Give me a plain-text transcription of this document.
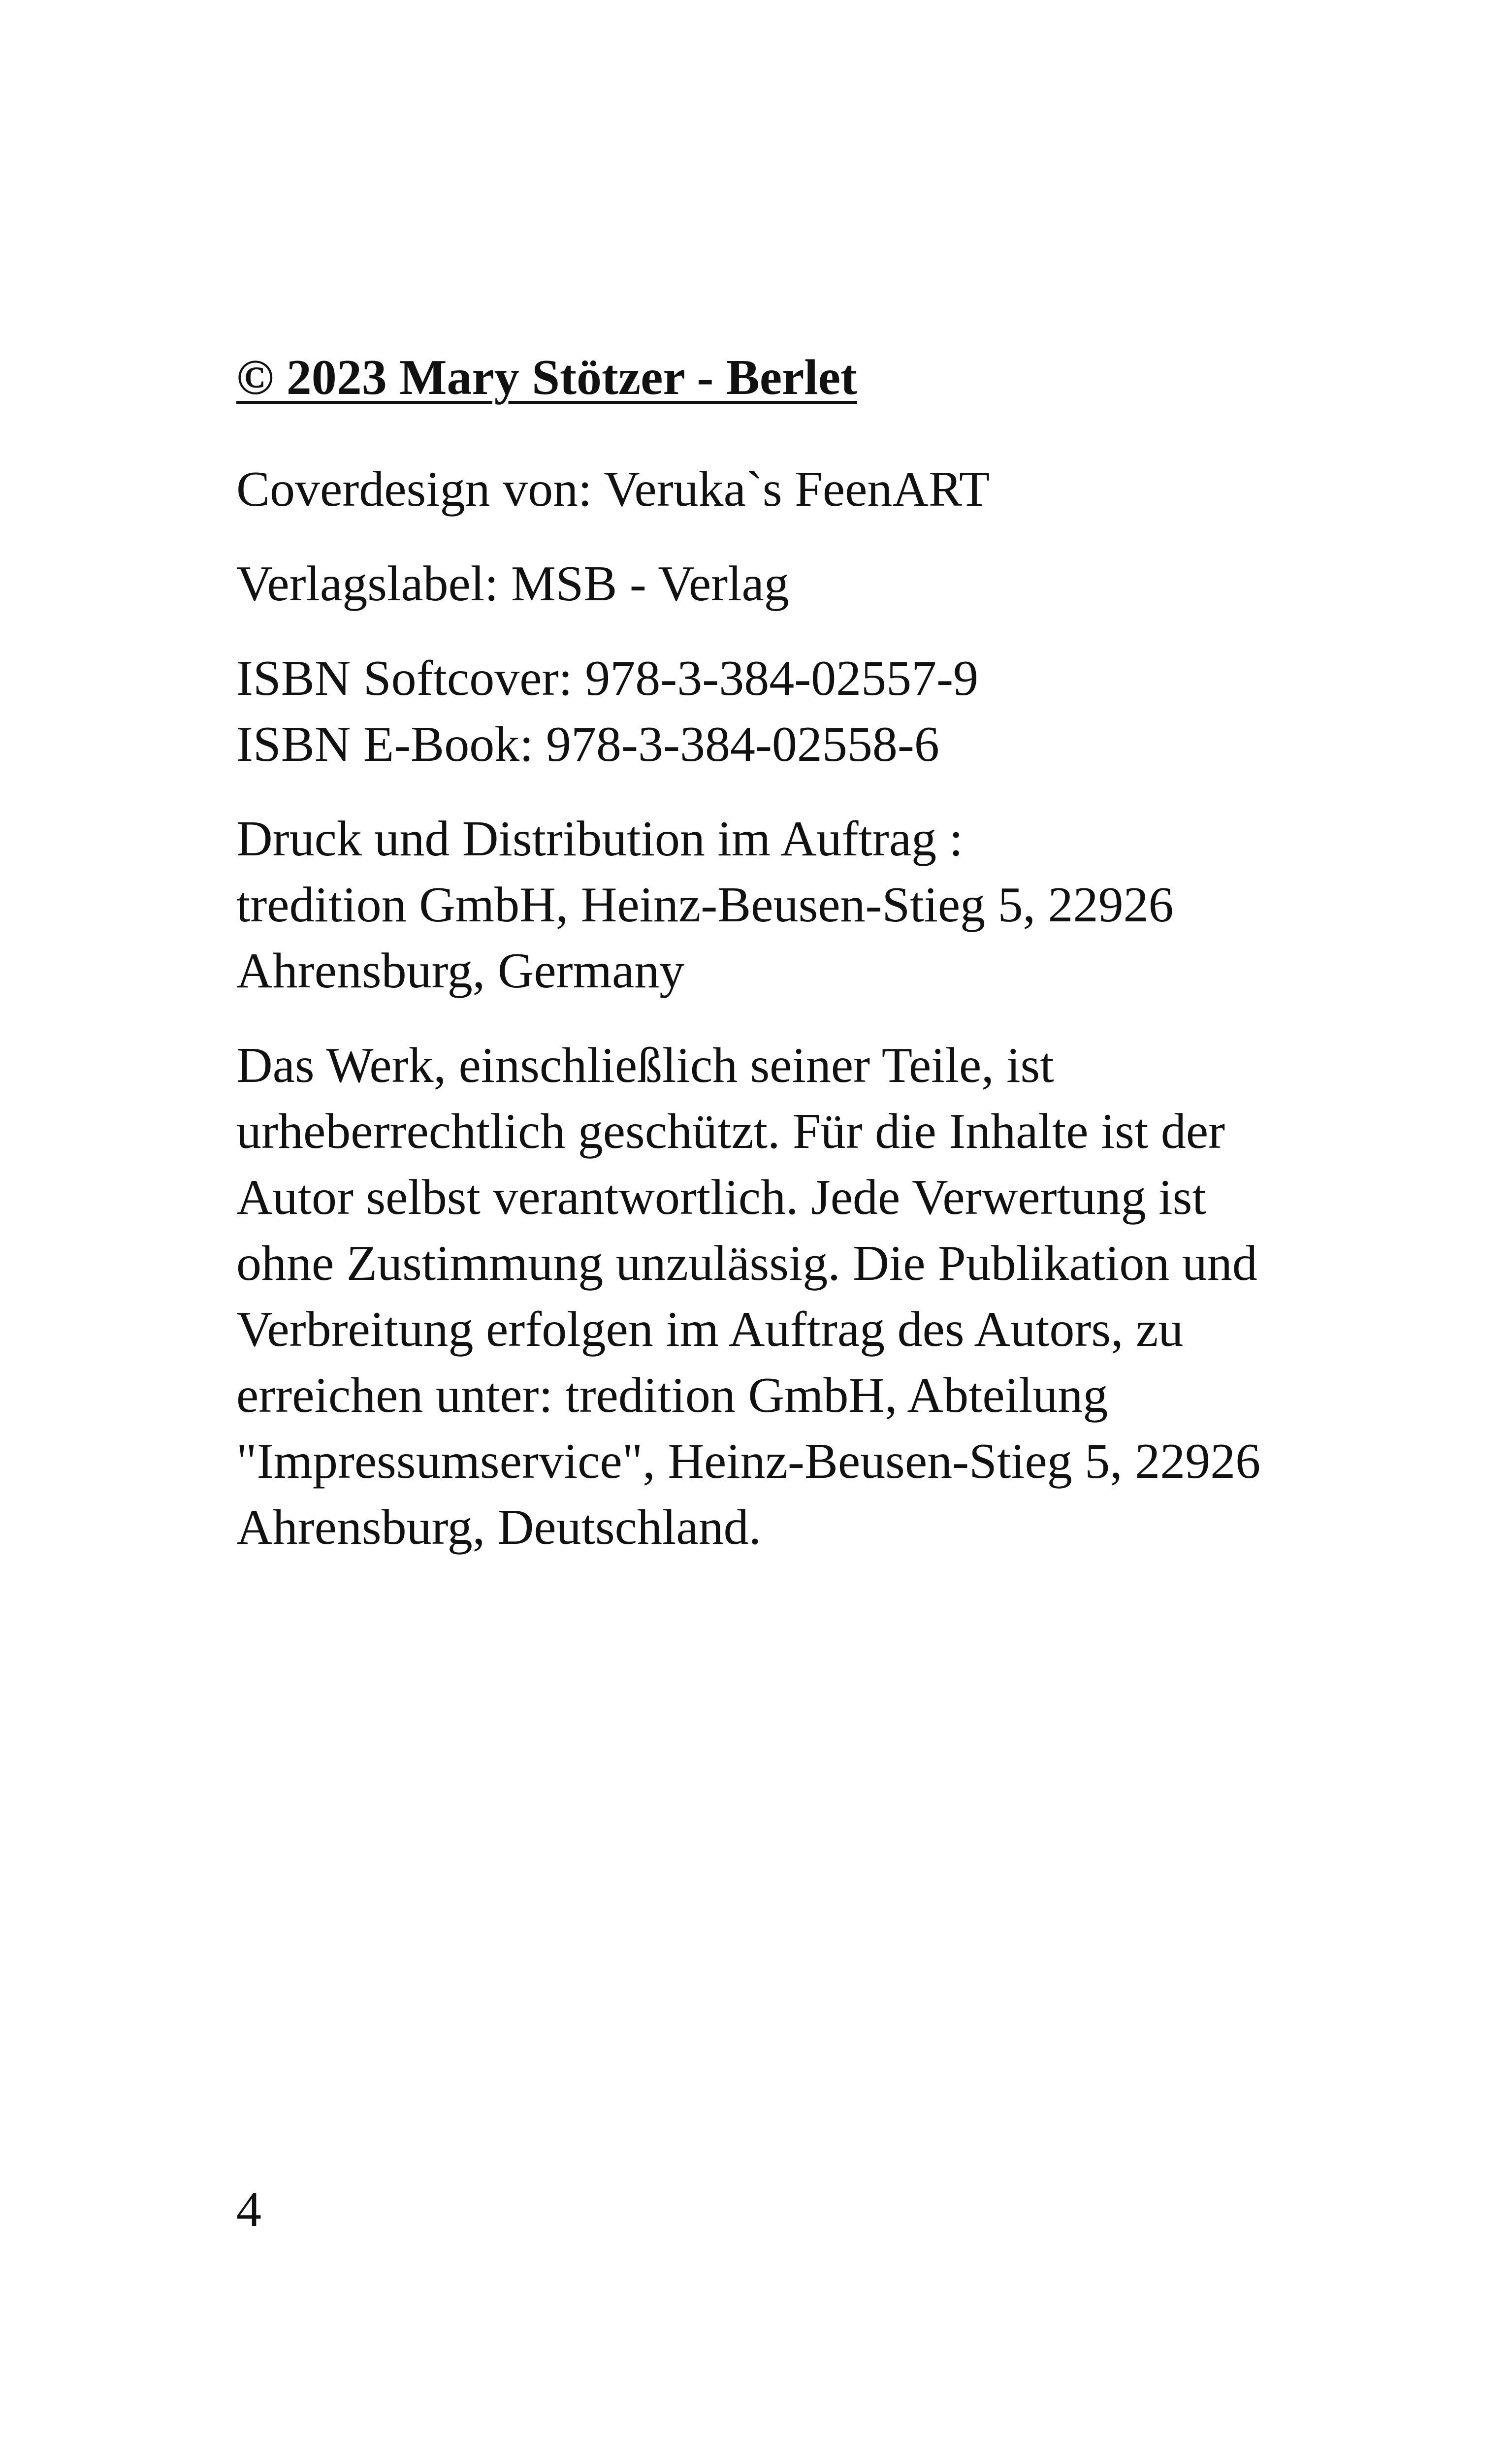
© 2023 Mary Stötzer - Berlet

Coverdesign von: Veruka`s FeenART

Verlagslabel: MSB - Verlag

ISBN Softcover: 978-3-384-02557-9
ISBN E-Book: 978-3-384-02558-6

Druck und Distribution im Auftrag :
tredition GmbH, Heinz-Beusen-Stieg 5, 22926
Ahrensburg, Germany

Das Werk, einschließlich seiner Teile, ist
urheberrechtlich geschützt. Für die Inhalte ist der
Autor selbst verantwortlich. Jede Verwertung ist
ohne Zustimmung unzulässig. Die Publikation und
Verbreitung erfolgen im Auftrag des Autors, zu
erreichen unter: tredition GmbH, Abteilung
"Impressumservice", Heinz-Beusen-Stieg 5, 22926
Ahrensburg, Deutschland.

4
